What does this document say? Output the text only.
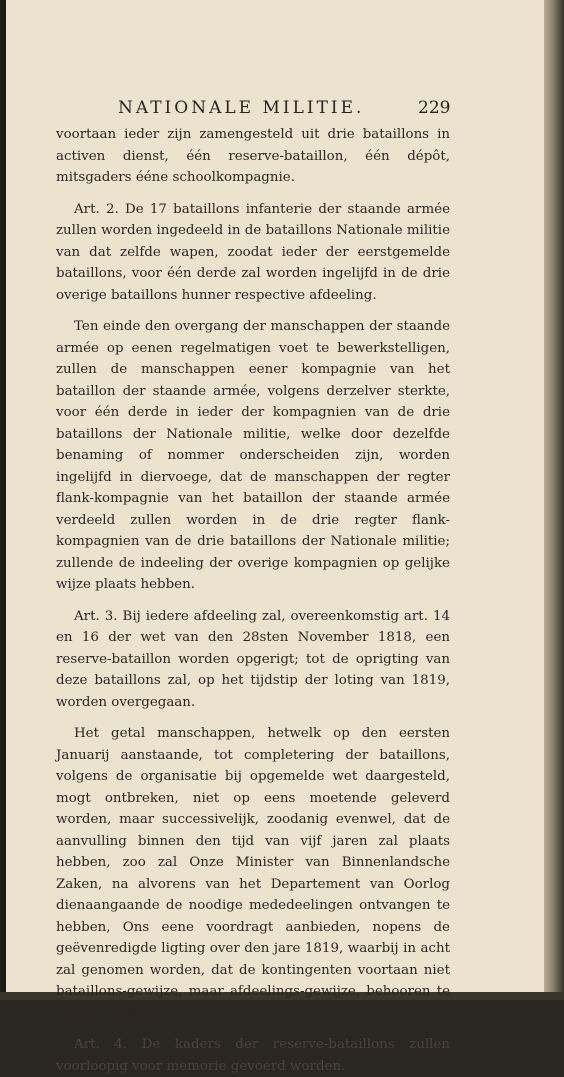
NATIONALE MILITIE.	229

voortaan ieder zijn zamengesteld uit drie bataillons in activen dienst, één reserve-bataillon, één dépôt, mitsgaders ééne schoolkompagnie.

Art. 2. De 17 bataillons infanterie der staande armée zullen worden ingedeeld in de bataillons Nationale militie van dat zelfde wapen, zoodat ieder der eerstgemelde bataillons, voor één derde zal worden ingelijfd in de drie overige bataillons hunner respective afdeeling.

Ten einde den overgang der manschappen der staande armée op eenen regelmatigen voet te bewerkstelligen, zullen de manschappen eener kompagnie van het bataillon der staande armée, volgens derzelver sterkte, voor één derde in ieder der kompagnien van de drie bataillons der Nationale militie, welke door dezelfde benaming of nommer onderscheiden zijn, worden ingelijfd in diervoege, dat de manschappen der regter flank-kompagnie van het bataillon der staande armée verdeeld zullen worden in de drie regter flank-kompagnien van de drie bataillons der Nationale militie; zullende de indeeling der overige kompagnien op gelijke wijze plaats hebben.

Art. 3. Bij iedere afdeeling zal, overeenkomstig art. 14 en 16 der wet van den 28sten November 1818, een reserve-bataillon worden opgerigt; tot de oprigting van deze bataillons zal, op het tijdstip der loting van 1819, worden overgegaan.

Het getal manschappen, hetwelk op den eersten Januarij aanstaande, tot completering der bataillons, volgens de organisatie bij opgemelde wet daargesteld, mogt ontbreken, niet op eens moetende geleverd worden, maar successivelijk, zoodanig evenwel, dat de aanvulling binnen den tijd van vijf jaren zal plaats hebben, zoo zal Onze Minister van Binnenlandsche Zaken, na alvorens van het Departement van Oorlog dienaangaande de noodige mededeelingen ontvangen te hebben, Ons eene voordragt aanbieden, nopens de geëvenredigde ligting over den jare 1819, waarbij in acht zal genomen worden, dat de kontingenten voortaan niet bataillons-gewijze, maar afdeelings-gewijze, behooren te worden verdeeld.

Art. 4. De kaders der reserve-bataillons zullen voorloopig voor memorie gevoerd worden.
